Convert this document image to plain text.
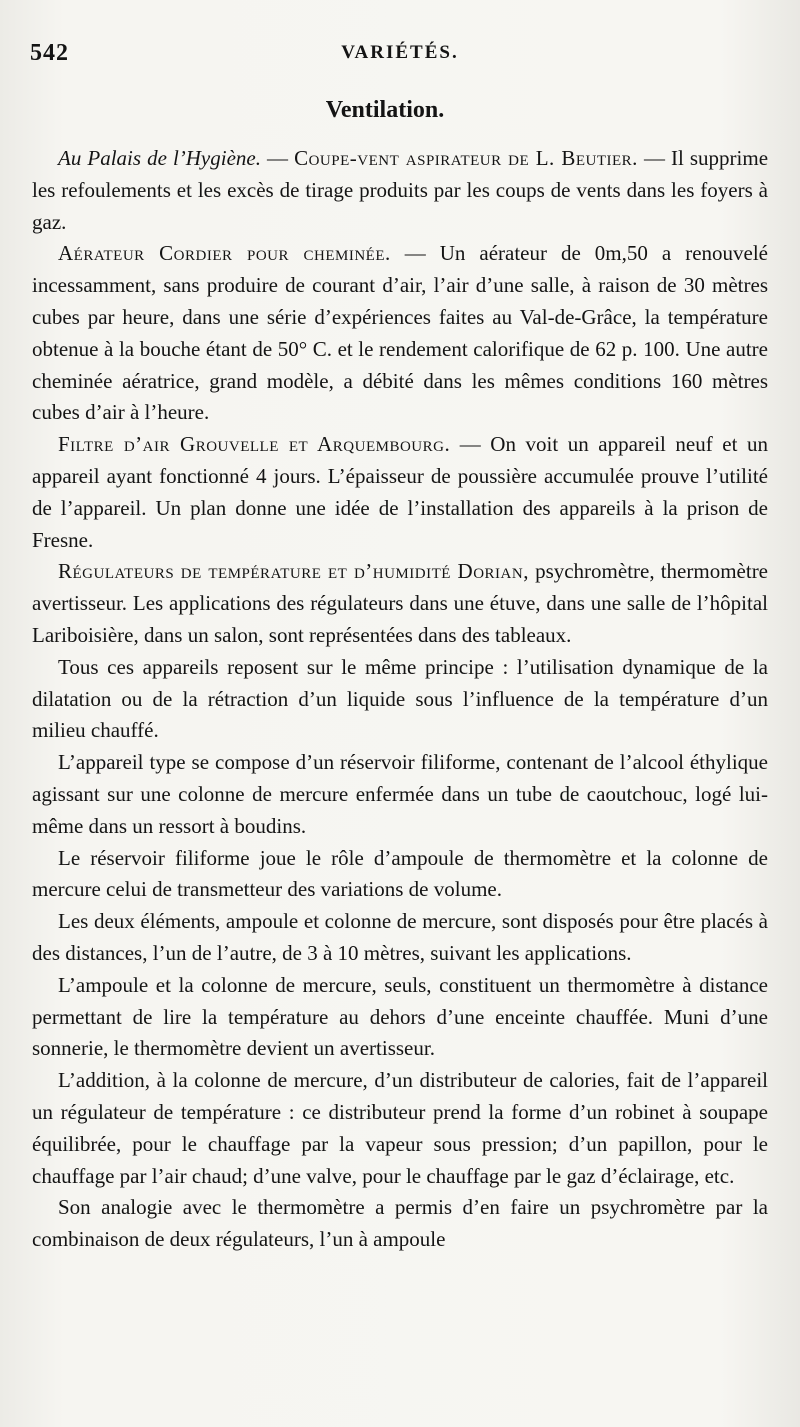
542	VARIÉTÉS.
Ventilation.

Au Palais de l’Hygiène. — Coupe-vent aspirateur de L. Beutier. — Il supprime les refoulements et les excès de tirage produits par les coups de vents dans les foyers à gaz.

Aérateur Cordier pour cheminée. — Un aérateur de 0m,50 a renouvelé incessamment, sans produire de courant d’air, l’air d’une salle, à raison de 30 mètres cubes par heure, dans une série d’expériences faites au Val-de-Grâce, la température obtenue à la bouche étant de 50° C. et le rendement calorifique de 62 p. 100. Une autre cheminée aératrice, grand modèle, a débité dans les mêmes conditions 160 mètres cubes d’air à l’heure.

Filtre d’air Grouvelle et Arquembourg. — On voit un appareil neuf et un appareil ayant fonctionné 4 jours. L’épaisseur de poussière accumulée prouve l’utilité de l’appareil. Un plan donne une idée de l’installation des appareils à la prison de Fresne.

Régulateurs de température et d’humidité Dorian, psychromètre, thermomètre avertisseur. Les applications des régulateurs dans une étuve, dans une salle de l’hôpital Lariboisière, dans un salon, sont représentées dans des tableaux.

Tous ces appareils reposent sur le même principe : l’utilisation dynamique de la dilatation ou de la rétraction d’un liquide sous l’influence de la température d’un milieu chauffé.

L’appareil type se compose d’un réservoir filiforme, contenant de l’alcool éthylique agissant sur une colonne de mercure enfermée dans un tube de caoutchouc, logé lui-même dans un ressort à boudins.

Le réservoir filiforme joue le rôle d’ampoule de thermomètre et la colonne de mercure celui de transmetteur des variations de volume.

Les deux éléments, ampoule et colonne de mercure, sont disposés pour être placés à des distances, l’un de l’autre, de 3 à 10 mètres, suivant les applications.

L’ampoule et la colonne de mercure, seuls, constituent un thermomètre à distance permettant de lire la température au dehors d’une enceinte chauffée. Muni d’une sonnerie, le thermomètre devient un avertisseur.

L’addition, à la colonne de mercure, d’un distributeur de calories, fait de l’appareil un régulateur de température : ce distributeur prend la forme d’un robinet à soupape équilibrée, pour le chauffage par la vapeur sous pression; d’un papillon, pour le chauffage par l’air chaud; d’une valve, pour le chauffage par le gaz d’éclairage, etc.

Son analogie avec le thermomètre a permis d’en faire un psychromètre par la combinaison de deux régulateurs, l’un à ampoule
